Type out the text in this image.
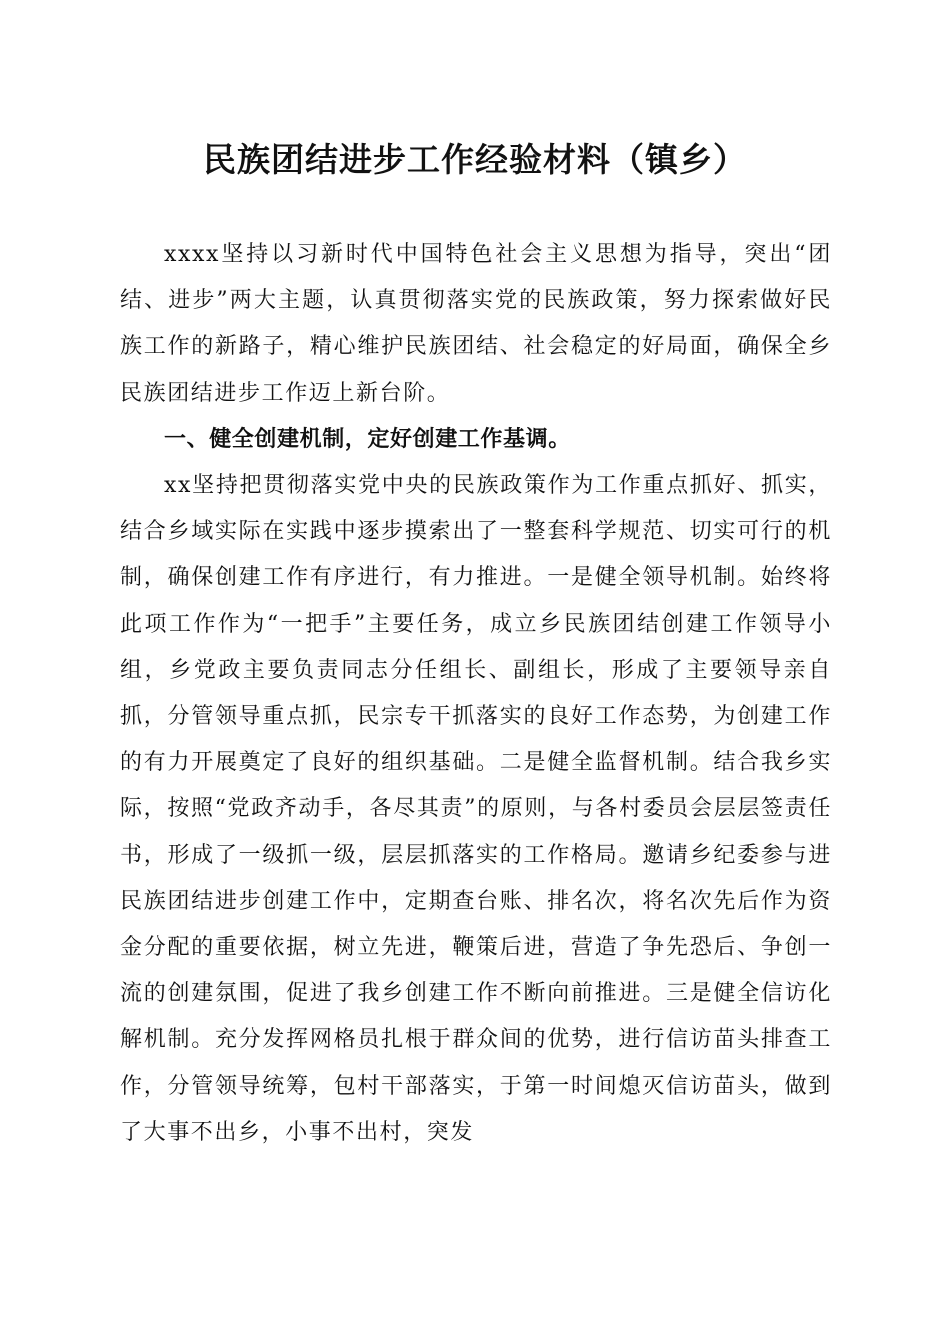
民族团结进步工作经验材料（镇乡）

xxxx坚持以习新时代中国特色社会主义思想为指导，突出“团结、进步”两大主题，认真贯彻落实党的民族政策，努力探索做好民族工作的新路子，精心维护民族团结、社会稳定的好局面，确保全乡民族团结进步工作迈上新台阶。

一、健全创建机制，定好创建工作基调。

xx坚持把贯彻落实党中央的民族政策作为工作重点抓好、抓实，结合乡域实际在实践中逐步摸索出了一整套科学规范、切实可行的机制，确保创建工作有序进行，有力推进。一是健全领导机制。始终将此项工作作为“一把手”主要任务，成立乡民族团结创建工作领导小组，乡党政主要负责同志分任组长、副组长，形成了主要领导亲自抓，分管领导重点抓，民宗专干抓落实的良好工作态势，为创建工作的有力开展奠定了良好的组织基础。二是健全监督机制。结合我乡实际，按照“党政齐动手，各尽其责”的原则，与各村委员会层层签责任书，形成了一级抓一级，层层抓落实的工作格局。邀请乡纪委参与进民族团结进步创建工作中，定期查台账、排名次，将名次先后作为资金分配的重要依据，树立先进，鞭策后进，营造了争先恐后、争创一流的创建氛围，促进了我乡创建工作不断向前推进。三是健全信访化解机制。充分发挥网格员扎根于群众间的优势，进行信访苗头排查工作，分管领导统筹，包村干部落实，于第一时间熄灭信访苗头，做到了大事不出乡，小事不出村，突发
